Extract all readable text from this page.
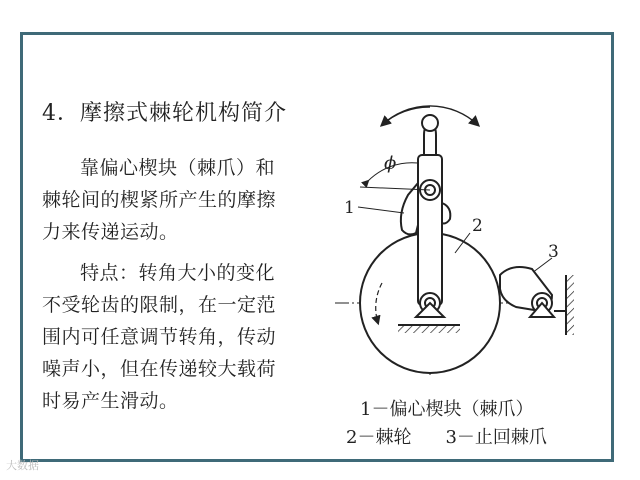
4．摩擦式棘轮机构简介
靠偏心楔块（棘爪）和
棘轮间的楔紧所产生的摩擦
力来传递运动。
特点：转角大小的变化
不受轮齿的限制，在一定范
围内可任意调节转角，传动
噪声小，但在传递较大载荷
时易产生滑动。
ϕ
1
2
3
1－偏心楔块（棘爪）
2－棘轮 3－止回棘爪
大数据
